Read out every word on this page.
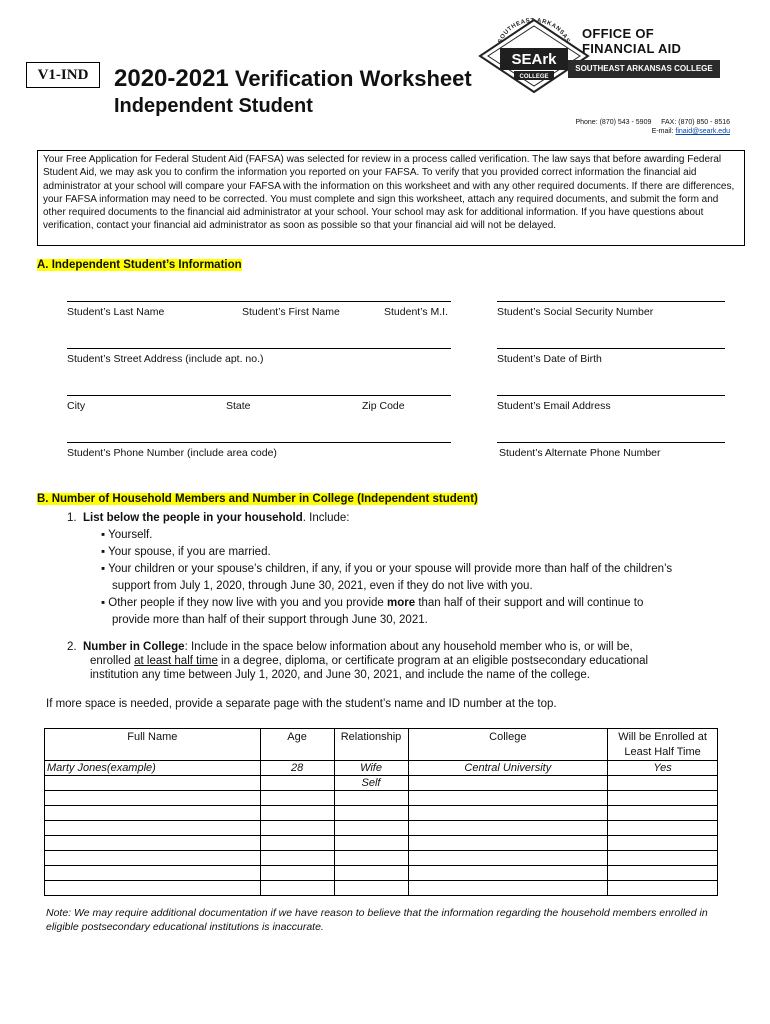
V1-IND	2020-2021 Verification Worksheet
Independent Student
SOUTHEAST ARKANSAS
SEArk
COLLEGE
OFFICE OF
FINANCIAL AID
SOUTHEAST ARKANSAS COLLEGE
Phone: (870) 543 - 5909 FAX: (870) 850 - 8516
E-mail: finaid@seark.edu
Your Free Application for Federal Student Aid (FAFSA) was selected for review in a process called verification. The law says that before awarding Federal Student Aid, we may ask you to confirm the information you reported on your FAFSA. To verify that you provided correct information the financial aid administrator at your school will compare your FAFSA with the information on this worksheet and with any other required documents. If there are differences, your FAFSA information may need to be corrected. You must complete and sign this worksheet, attach any required documents, and submit the form and other required documents to the financial aid administrator at your school. Your school may ask for additional information. If you have questions about verification, contact your financial aid administrator as soon as possible so that your financial aid will not be delayed.
A. Independent Student’s Information
Student’s Last Name	Student’s First Name	Student’s M.I.	Student’s Social Security Number
Student’s Street Address (include apt. no.)	Student’s Date of Birth
City	State	Zip Code	Student’s Email Address
Student’s Phone Number (include area code)	Student’s Alternate Phone Number
B. Number of Household Members and Number in College (Independent student)
1. List below the people in your household. Include:
▪ Yourself.
▪ Your spouse, if you are married.
▪ Your children or your spouse’s children, if any, if you or your spouse will provide more than half of the children’s
support from July 1, 2020, through June 30, 2021, even if they do not live with you.
▪ Other people if they now live with you and you provide more than half of their support and will continue to
provide more than half of their support through June 30, 2021.
2. Number in College: Include in the space below information about any household member who is, or will be,
enrolled at least half time in a degree, diploma, or certificate program at an eligible postsecondary educational
institution any time between July 1, 2020, and June 30, 2021, and include the name of the college.
If more space is needed, provide a separate page with the student’s name and ID number at the top.
Full Name	Age	Relationship	College	Will be Enrolled at
Least Half Time

Marty Jones(example)	28	Wife	Central University	Yes
		Self		

Note: We may require additional documentation if we have reason to believe that the information regarding the household members enrolled in eligible postsecondary educational institutions is inaccurate.
